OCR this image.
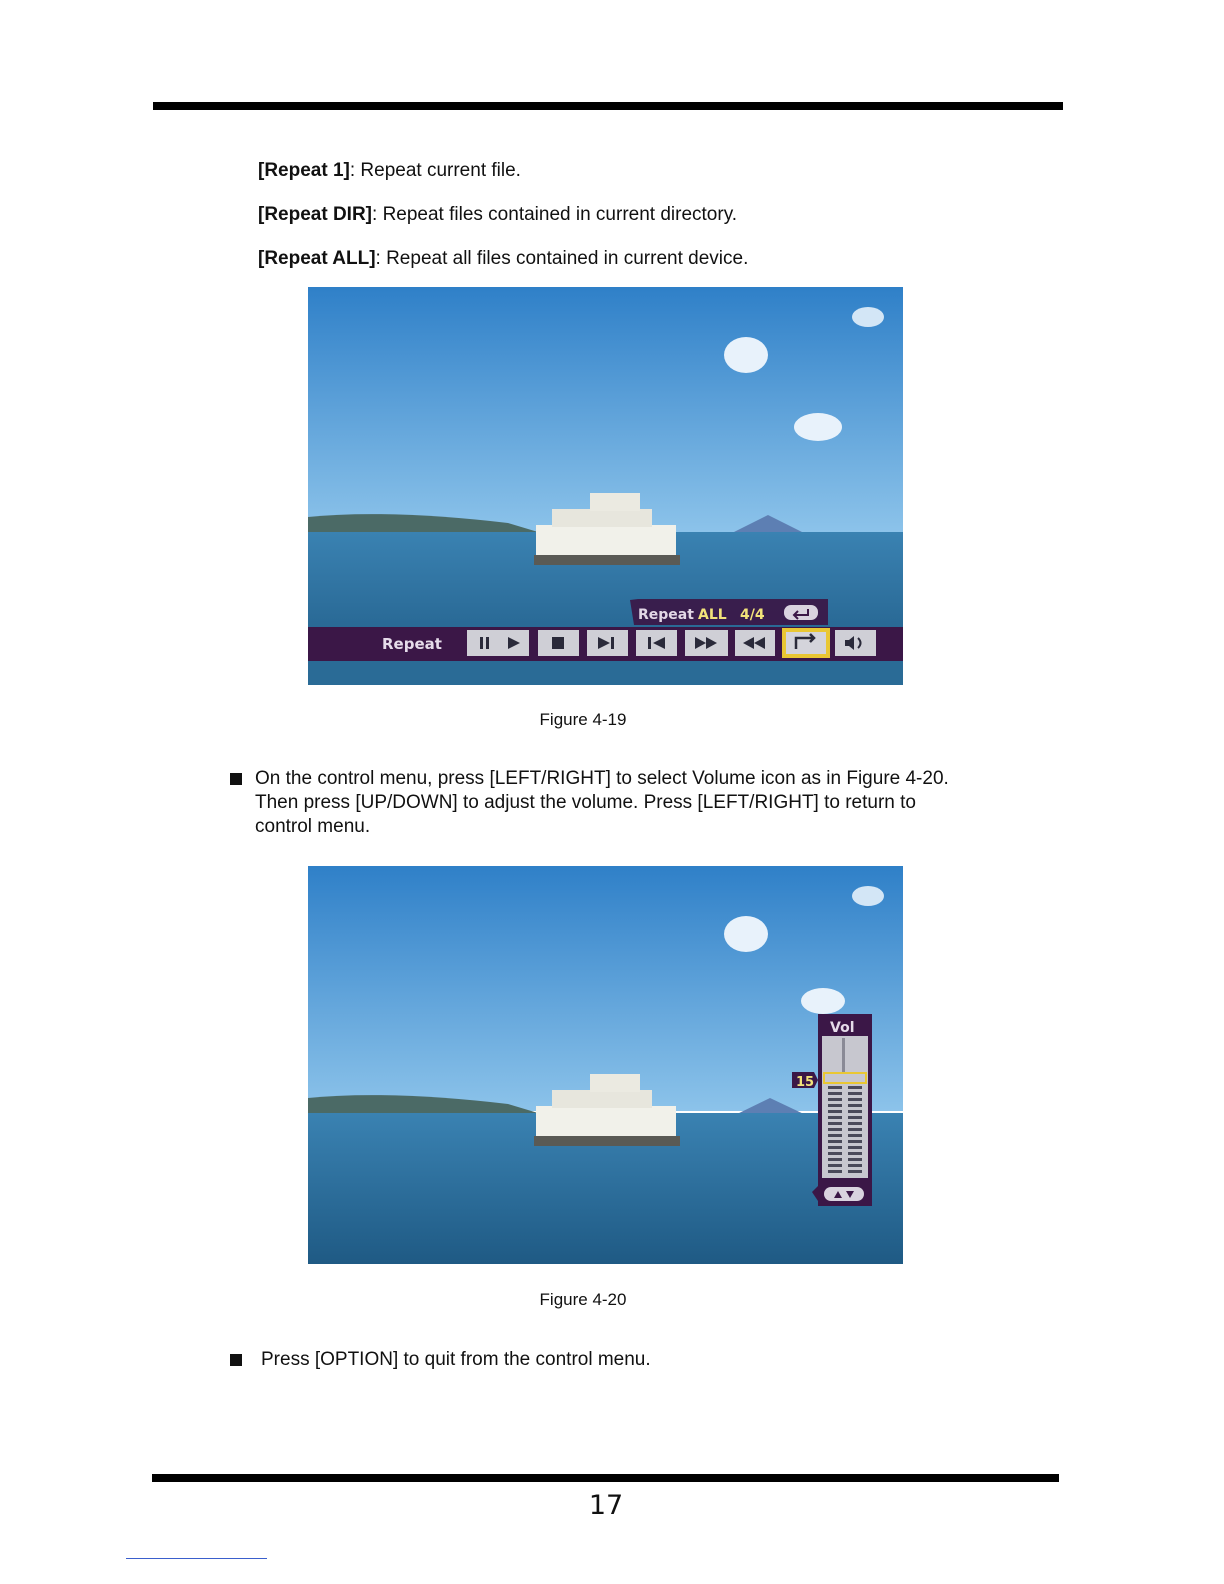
[Repeat 1]: Repeat current file.
[Repeat DIR]: Repeat files contained in current directory.
[Repeat ALL]: Repeat all files contained in current device.
Repeat ALL 4/4
Repeat
Figure 4-19
On the control menu, press [LEFT/RIGHT] to select Volume icon as in Figure 4-20.
Then press [UP/DOWN] to adjust the volume. Press [LEFT/RIGHT] to return to
control menu.
Vol
15
Figure 4-20
Press [OPTION] to quit from the control menu.
17
